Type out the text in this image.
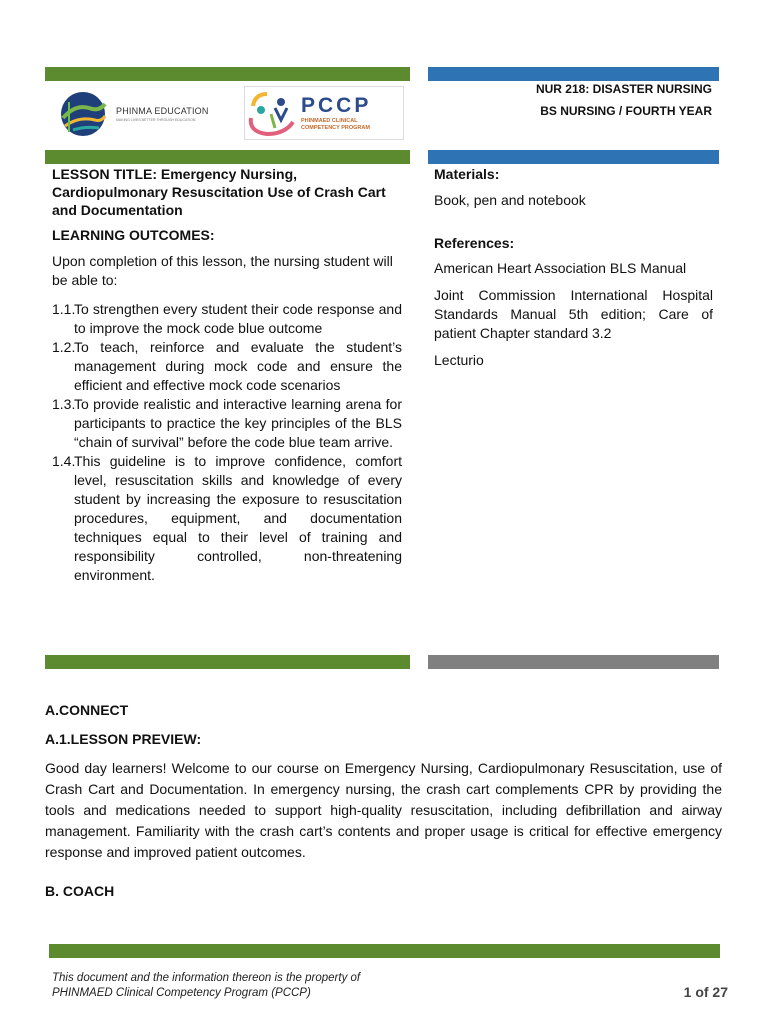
PHINMA EDUCATION
MAKING LIVES BETTER THROUGH EDUCATION
PCCP
PHINMAED CLINICAL
COMPETENCY PROGRAM
NUR 218: DISASTER NURSING
BS NURSING / FOURTH YEAR
LESSON TITLE: Emergency Nursing, Cardiopulmonary Resuscitation Use of Crash Cart and Documentation
LEARNING OUTCOMES:
Upon completion of this lesson, the nursing student will be able to:
1.1.
To strengthen every student their code response and to improve the mock code blue outcome
1.2.
To teach, reinforce and evaluate the student’s management during mock code and ensure the efficient and effective mock code scenarios
1.3.
To provide realistic and interactive learning arena for participants to practice the key principles of the BLS “chain of survival” before the code blue team arrive.
1.4.
This guideline is to improve confidence, comfort level, resuscitation skills and knowledge of every student by increasing the exposure to resuscitation procedures, equipment, and documentation techniques equal to their level of training and responsibility controlled, non-threatening environment.
Materials:
Book, pen and notebook
References:
American Heart Association BLS Manual
Joint Commission International Hospital Standards Manual 5th edition; Care of patient Chapter standard 3.2
Lecturio
A.CONNECT
A.1.LESSON PREVIEW:
Good day learners! Welcome to our course on Emergency Nursing, Cardiopulmonary Resuscitation, use of Crash Cart and Documentation. In emergency nursing, the crash cart complements CPR by providing the tools and medications needed to support high-quality resuscitation, including defibrillation and airway management. Familiarity with the crash cart’s contents and proper usage is critical for effective emergency response and improved patient outcomes.
B. COACH
This document and the information thereon is the property of
PHINMAED Clinical Competency Program (PCCP)	1 of 27
